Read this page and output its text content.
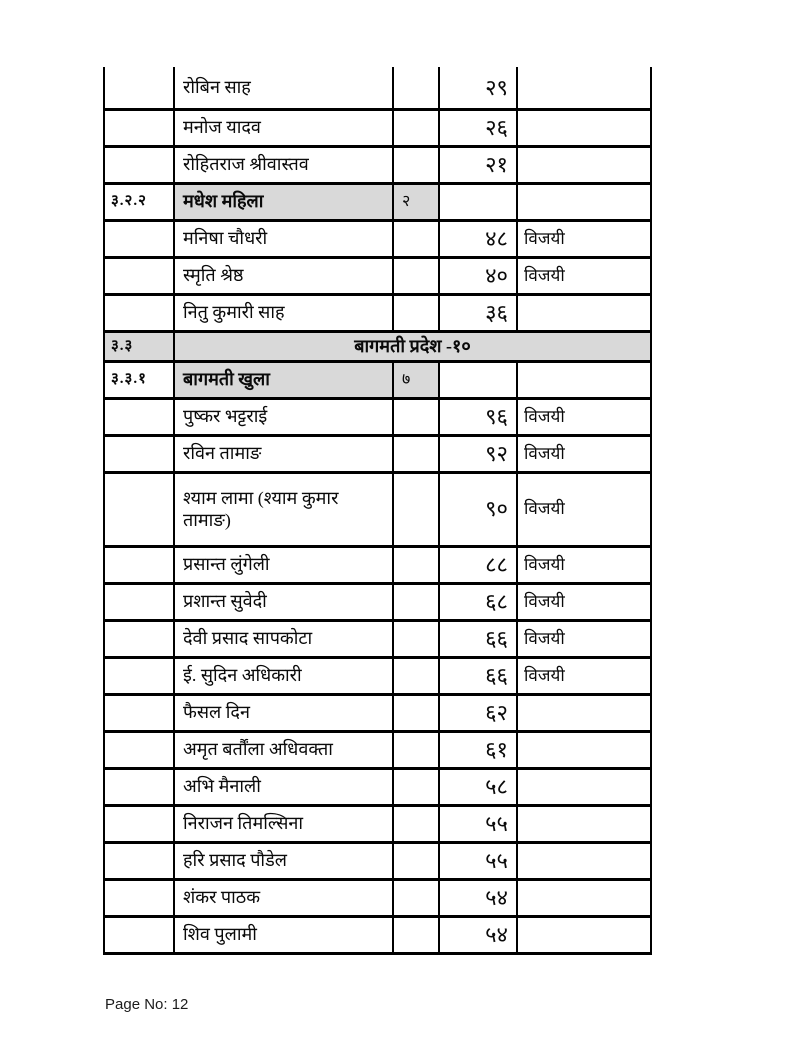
	रोबिन साह		२९	
	मनोज यादव		२६	
	रोहितराज श्रीवास्तव		२१	
३.२.२	मधेश महिला	२		
	मनिषा चौधरी		४८	विजयी
	स्मृति श्रेष्ठ		४०	विजयी
	नितु कुमारी साह		३६	
३.३	बागमती प्रदेश -१०			
३.३.१	बागमती खुला	७		
	पुष्कर भट्टराई		९६	विजयी
	रविन तामाङ		९२	विजयी
	श्याम लामा (श्याम कुमार तामाङ)		९०	विजयी
	प्रसान्त लुंगेली		८८	विजयी
	प्रशान्त सुवेदी		६८	विजयी
	देवी प्रसाद सापकोटा		६६	विजयी
	ई. सुदिन अधिकारी		६६	विजयी
	फैसल दिन		६२	
	अमृत बर्तौंला अधिवक्ता		६१	
	अभि मैनाली		५८	
	निराजन तिमल्सिना		५५	
	हरि प्रसाद पौडेल		५५	
	शंकर पाठक		५४	
	शिव पुलामी		५४	
Page No: 12
